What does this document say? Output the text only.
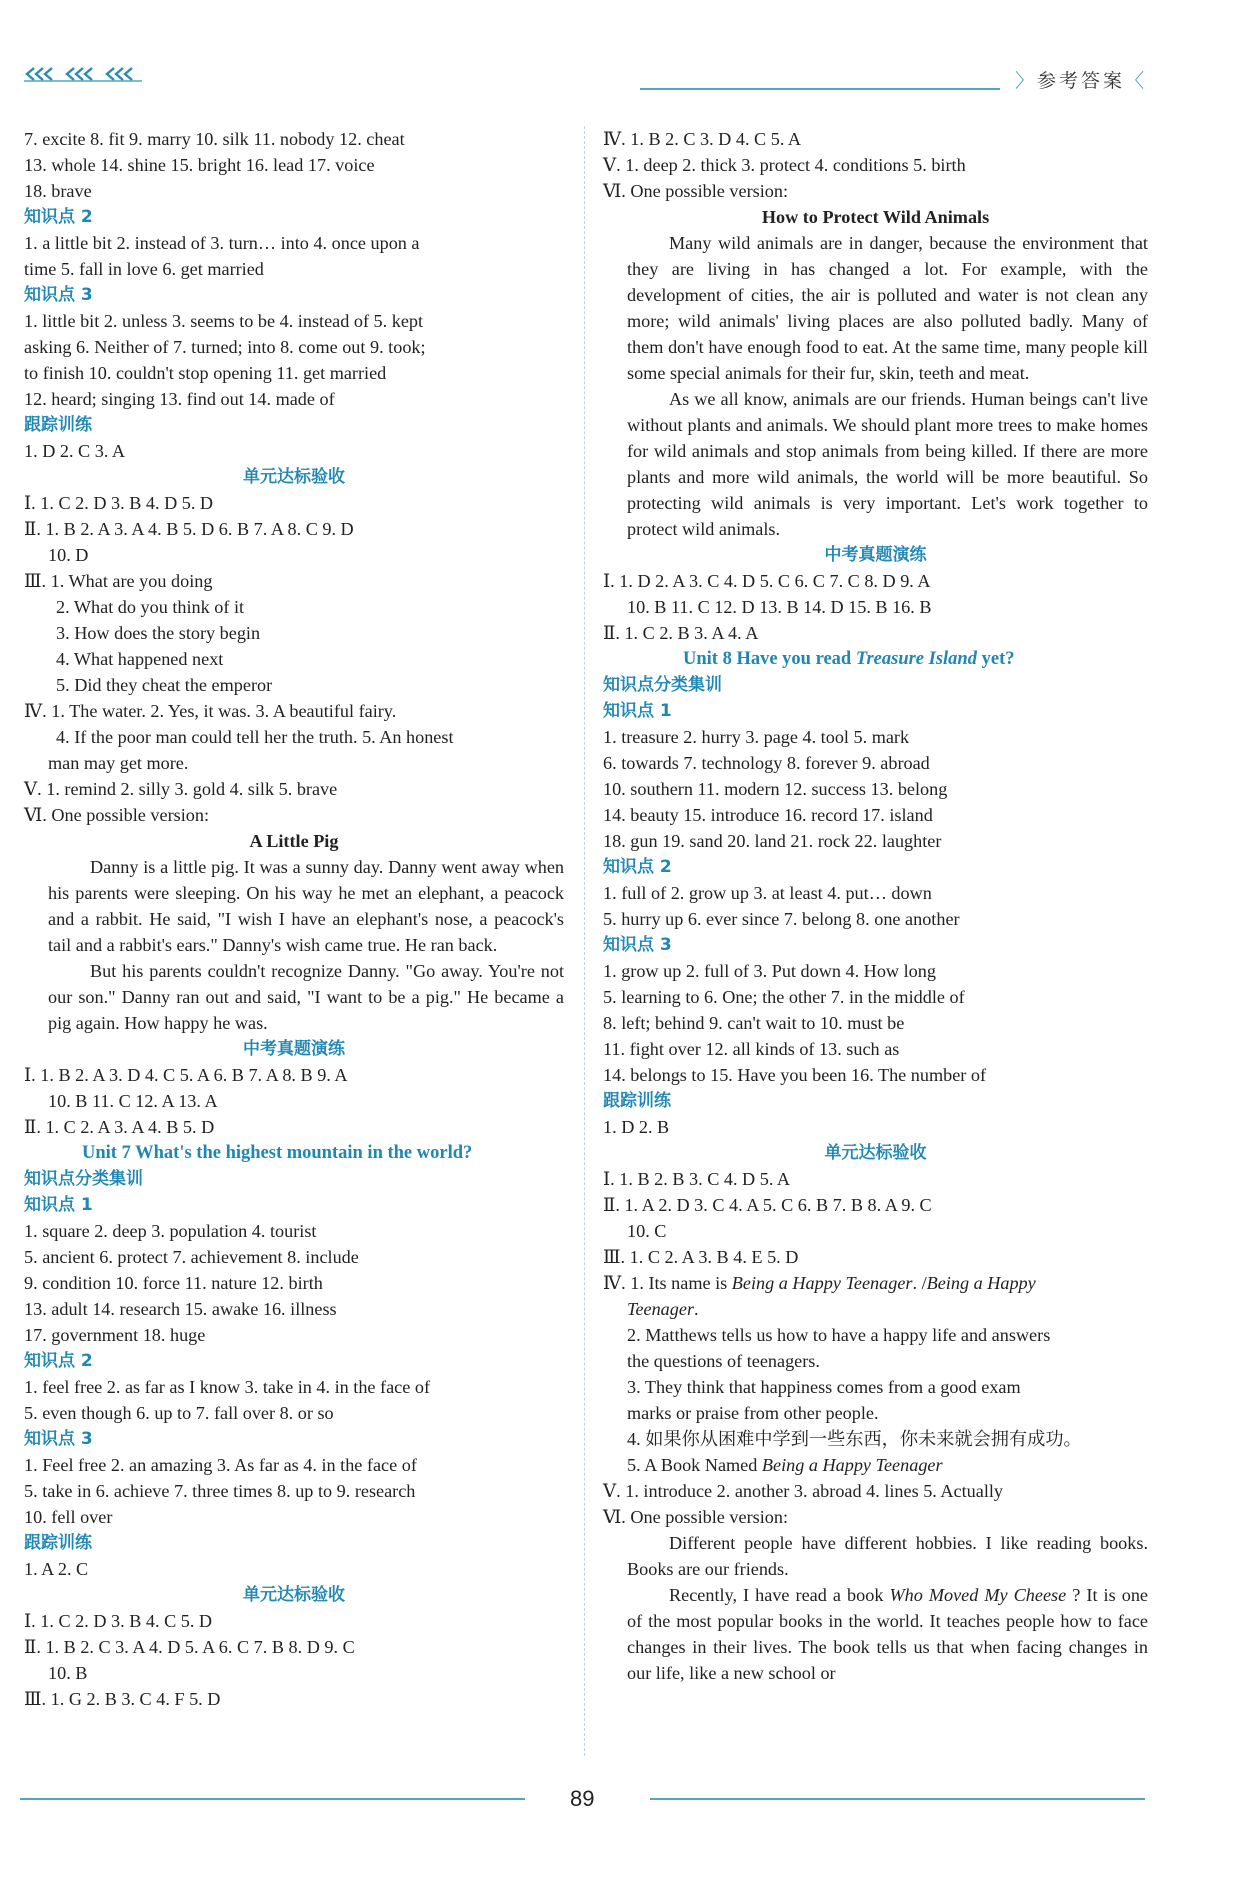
〉参考答案〈
7. excite 8. fit 9. marry 10. silk 11. nobody 12. cheat
13. whole 14. shine 15. bright 16. lead 17. voice
18. brave
知识点 2
1. a little bit 2. instead of 3. turn… into 4. once upon a
time 5. fall in love 6. get married
知识点 3
1. little bit 2. unless 3. seems to be 4. instead of 5. kept
asking 6. Neither of 7. turned; into 8. come out 9. took;
to finish 10. couldn't stop opening 11. get married
12. heard; singing 13. find out 14. made of
跟踪训练
1. D 2. C 3. A
单元达标验收
Ⅰ. 1. C 2. D 3. B 4. D 5. D
Ⅱ. 1. B 2. A 3. A 4. B 5. D 6. B 7. A 8. C 9. D
10. D
Ⅲ. 1. What are you doing
2. What do you think of it
3. How does the story begin
4. What happened next
5. Did they cheat the emperor
Ⅳ. 1. The water. 2. Yes, it was. 3. A beautiful fairy.
4. If the poor man could tell her the truth. 5. An honest
man may get more.
Ⅴ. 1. remind 2. silly 3. gold 4. silk 5. brave
Ⅵ. One possible version:
A Little Pig
Danny is a little pig. It was a sunny day. Danny went away when his parents were sleeping. On his way he met an elephant, a peacock and a rabbit. He said, "I wish I have an elephant's nose, a peacock's tail and a rabbit's ears." Danny's wish came true. He ran back.
But his parents couldn't recognize Danny. "Go away. You're not our son." Danny ran out and said, "I want to be a pig." He became a pig again. How happy he was.
中考真题演练
Ⅰ. 1. B 2. A 3. D 4. C 5. A 6. B 7. A 8. B 9. A
10. B 11. C 12. A 13. A
Ⅱ. 1. C 2. A 3. A 4. B 5. D
Unit 7 What's the highest mountain in the world?
知识点分类集训
知识点 1
1. square 2. deep 3. population 4. tourist
5. ancient 6. protect 7. achievement 8. include
9. condition 10. force 11. nature 12. birth
13. adult 14. research 15. awake 16. illness
17. government 18. huge
知识点 2
1. feel free 2. as far as I know 3. take in 4. in the face of
5. even though 6. up to 7. fall over 8. or so
知识点 3
1. Feel free 2. an amazing 3. As far as 4. in the face of
5. take in 6. achieve 7. three times 8. up to 9. research
10. fell over
跟踪训练
1. A 2. C
单元达标验收
Ⅰ. 1. C 2. D 3. B 4. C 5. D
Ⅱ. 1. B 2. C 3. A 4. D 5. A 6. C 7. B 8. D 9. C
10. B
Ⅲ. 1. G 2. B 3. C 4. F 5. D
Ⅳ. 1. B 2. C 3. D 4. C 5. A
Ⅴ. 1. deep 2. thick 3. protect 4. conditions 5. birth
Ⅵ. One possible version:
How to Protect Wild Animals
Many wild animals are in danger, because the environment that they are living in has changed a lot. For example, with the development of cities, the air is polluted and water is not clean any more; wild animals' living places are also polluted badly. Many of them don't have enough food to eat. At the same time, many people kill some special animals for their fur, skin, teeth and meat.
As we all know, animals are our friends. Human beings can't live without plants and animals. We should plant more trees to make homes for wild animals and stop animals from being killed. If there are more plants and more wild animals, the world will be more beautiful. So protecting wild animals is very important. Let's work together to protect wild animals.
中考真题演练
Ⅰ. 1. D 2. A 3. C 4. D 5. C 6. C 7. C 8. D 9. A
10. B 11. C 12. D 13. B 14. D 15. B 16. B
Ⅱ. 1. C 2. B 3. A 4. A
Unit 8 Have you read Treasure Island yet?
知识点分类集训
知识点 1
1. treasure 2. hurry 3. page 4. tool 5. mark
6. towards 7. technology 8. forever 9. abroad
10. southern 11. modern 12. success 13. belong
14. beauty 15. introduce 16. record 17. island
18. gun 19. sand 20. land 21. rock 22. laughter
知识点 2
1. full of 2. grow up 3. at least 4. put… down
5. hurry up 6. ever since 7. belong 8. one another
知识点 3
1. grow up 2. full of 3. Put down 4. How long
5. learning to 6. One; the other 7. in the middle of
8. left; behind 9. can't wait to 10. must be
11. fight over 12. all kinds of 13. such as
14. belongs to 15. Have you been 16. The number of
跟踪训练
1. D 2. B
单元达标验收
Ⅰ. 1. B 2. B 3. C 4. D 5. A
Ⅱ. 1. A 2. D 3. C 4. A 5. C 6. B 7. B 8. A 9. C
10. C
Ⅲ. 1. C 2. A 3. B 4. E 5. D
Ⅳ. 1. Its name is Being a Happy Teenager. /Being a Happy
Teenager.
2. Matthews tells us how to have a happy life and answers
the questions of teenagers.
3. They think that happiness comes from a good exam
marks or praise from other people.
4. 如果你从困难中学到一些东西，你未来就会拥有成功。
5. A Book Named Being a Happy Teenager
Ⅴ. 1. introduce 2. another 3. abroad 4. lines 5. Actually
Ⅵ. One possible version:
Different people have different hobbies. I like reading books. Books are our friends.
Recently, I have read a book Who Moved My Cheese ? It is one of the most popular books in the world. It teaches people how to face changes in their lives. The book tells us that when facing changes in our life, like a new school or
89
